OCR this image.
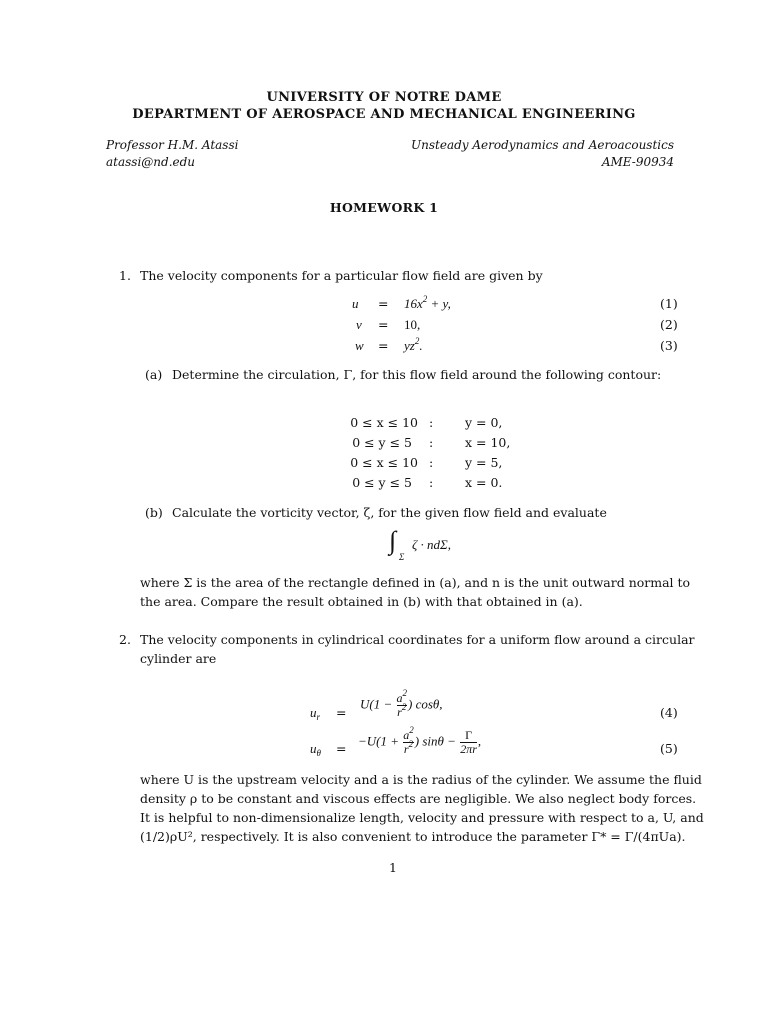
UNIVERSITY OF NOTRE DAME
DEPARTMENT OF AEROSPACE AND MECHANICAL ENGINEERING
Professor H.M. Atassi
atassi@nd.edu
Unsteady Aerodynamics and Aeroacoustics
AME-90934
HOMEWORK 1
1. The velocity components for a particular flow field are given by
u	= $16x^2 + y$,	(1)
v = 10,	(2)
$w = yz^2$.	(3)
(a) Determine the circulation, Γ, for this flow field around the following contour:
0 ≤ x ≤ 10 :	y = 0,
0 ≤ y ≤ 5 :	x = 10,
0 ≤ x ≤ 10 :	y = 5,
0 ≤ y ≤ 5 :	x = 0.
(b) Calculate the vorticity vector, ζ, for the given flow field and evaluate
∫
Σ
ζ · ndΣ,
where Σ is the area of the rectangle defined in (a), and n is the unit outward normal to
the area. Compare the result obtained in (b) with that obtained in (a).
2. The velocity components in cylindrical coordinates for a uniform flow around a circular
cylinder are
$u_r$ =
$U(1 - \frac{a^2}{r^2}$ ) cosθ,
(4)
$u_\theta$ =
$-U(1 + \frac{a^2}{r^2}$ ) $\sin\theta - \frac{\Gamma}{2\pi r}$ ,
(5)
where U is the upstream velocity and a is the radius of the cylinder. We assume the fluid
density ρ to be constant and viscous effects are negligible. We also neglect body forces.
It is helpful to non-dimensionalize length, velocity and pressure with respect to a, U, and
(1/2)ρU², respectively. It is also convenient to introduce the parameter Γ* = Γ/(4πUa).
1
